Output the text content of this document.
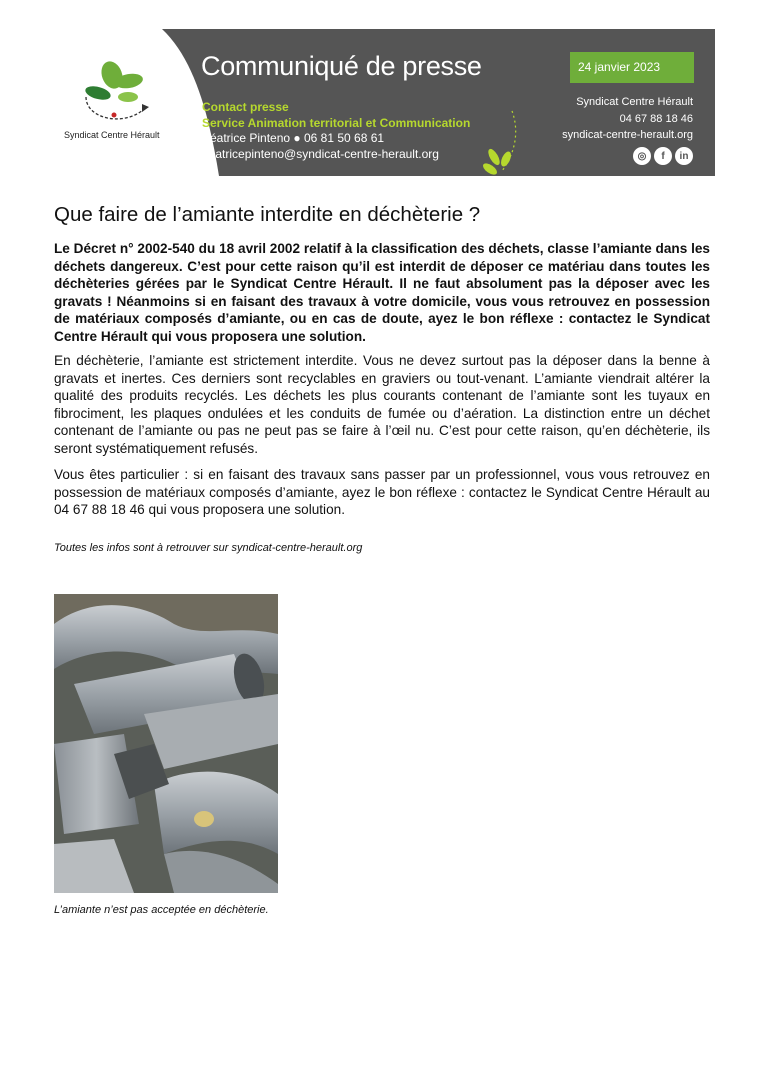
Syndicat Centre Hérault
Communiqué de presse
Contact presse
Service Animation territorial et Communication
Béatrice Pinteno ● 06 81 50 68 61
beatricepinteno@syndicat-centre-herault.org
24 janvier 2023
Syndicat Centre Hérault
04 67 88 18 46
syndicat-centre-herault.org
◎	f	in
Que faire de l’amiante interdite en déchèterie ?

Le Décret n° 2002-540 du 18 avril 2002 relatif à la classification des déchets, classe l’amiante dans les déchets dangereux. C’est pour cette raison qu’il est interdit de déposer ce matériau dans toutes les déchèteries gérées par le Syndicat Centre Hérault. Il ne faut absolument pas la déposer avec les gravats ! Néanmoins si en faisant des travaux à votre domicile, vous vous retrouvez en possession de matériaux composés d’amiante, ou en cas de doute, ayez le bon réflexe : contactez le Syndicat Centre Hérault qui vous proposera une solution.

En déchèterie, l’amiante est strictement interdite. Vous ne devez surtout pas la déposer dans la benne à gravats et inertes. Ces derniers sont recyclables en graviers ou tout-venant. L’amiante viendrait altérer la qualité des produits recyclés. Les déchets les plus courants contenant de l’amiante sont les tuyaux en fibrociment, les plaques ondulées et les conduits de fumée ou d’aération. La distinction entre un déchet contenant de l’amiante ou pas ne peut pas se faire à l’œil nu. C’est pour cette raison, qu’en déchèterie, ils seront systématiquement refusés.

Vous êtes particulier : si en faisant des travaux sans passer par un professionnel, vous vous retrouvez en possession de matériaux composés d’amiante, ayez le bon réflexe : contactez le Syndicat Centre Hérault au 04 67 88 18 46 qui vous proposera une solution.

Toutes les infos sont à retrouver sur syndicat-centre-herault.org

L’amiante n’est pas acceptée en déchèterie.
